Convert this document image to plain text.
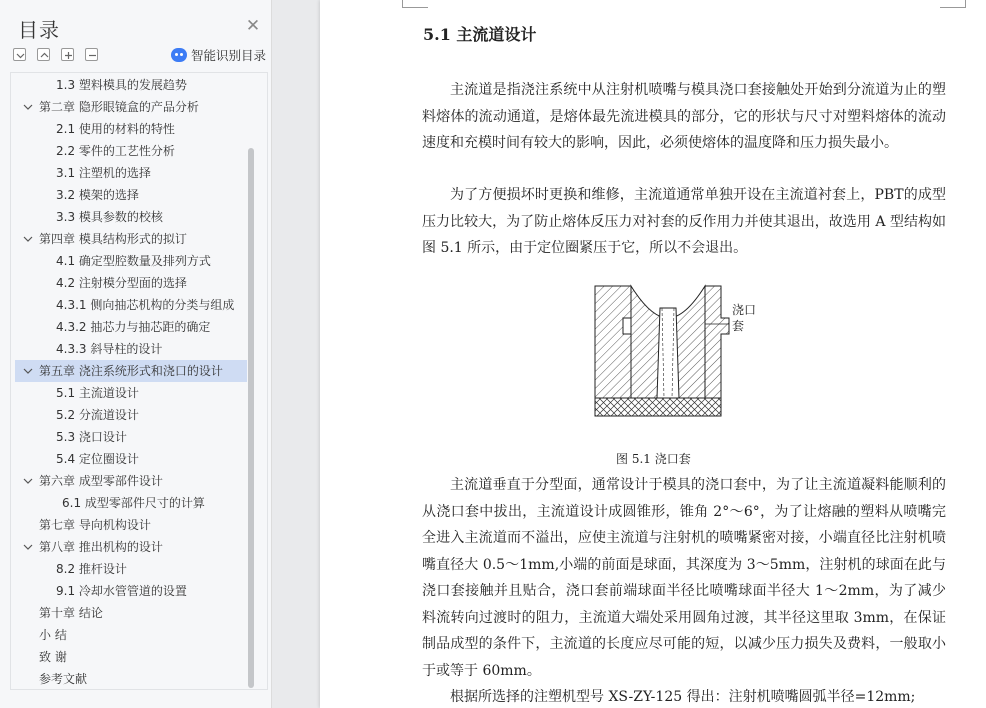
目录	✕
智能识别目录
1.3 塑料模具的发展趋势
第二章 隐形眼镜盒的产品分析
2.1 使用的材料的特性
2.2 零件的工艺性分析
3.1 注塑机的选择
3.2 模架的选择
3.3 模具参数的校核
第四章 模具结构形式的拟订
4.1 确定型腔数量及排列方式
4.2 注射模分型面的选择
4.3.1 侧向抽芯机构的分类与组成
4.3.2 抽芯力与抽芯距的确定
4.3.3 斜导柱的设计
第五章 浇注系统形式和浇口的设计
5.1 主流道设计
5.2 分流道设计
5.3 浇口设计
5.4 定位圈设计
第六章 成型零部件设计
6.1 成型零部件尺寸的计算
第七章 导向机构设计
第八章 推出机构的设计
8.2 推杆设计
9.1 冷却水管管道的设置
第十章 结论
小 结
致 谢
参考文献
5.1 主流道设计

主流道是指浇注系统中从注射机喷嘴与模具浇口套接触处开始到分流道为止的塑料熔体的流动通道，是熔体最先流进模具的部分，它的形状与尺寸对塑料熔体的流动速度和充模时间有较大的影响，因此，必须使熔体的温度降和压力损失最小。

为了方便损坏时更换和维修，主流道通常单独开设在主流道衬套上，PBT的成型压力比较大，为了防止熔体反压力对衬套的反作用力并使其退出，故选用 A 型结构如图 5.1 所示，由于定位圈紧压于它，所以不会退出。

浇口
套
图 5.1 浇口套

主流道垂直于分型面，通常设计于模具的浇口套中，为了让主流道凝料能顺利的从浇口套中拔出，主流道设计成圆锥形，锥角 2°～6°，为了让熔融的塑料从喷嘴完全进入主流道而不溢出，应使主流道与注射机的喷嘴紧密对接，小端直径比注射机喷嘴直径大 0.5～1mm,小端的前面是球面，其深度为 3～5mm，注射机的球面在此与浇口套接触并且贴合，浇口套前端球面半径比喷嘴球面半径大 1～2mm，为了减少料流转向过渡时的阻力，主流道大端处采用圆角过渡，其半径这里取 3mm，在保证制品成型的条件下，主流道的长度应尽可能的短，以减少压力损失及费料，一般取小于或等于 60mm。

根据所选择的注塑机型号 XS-ZY-125 得出：注射机喷嘴圆弧半径=12mm;
